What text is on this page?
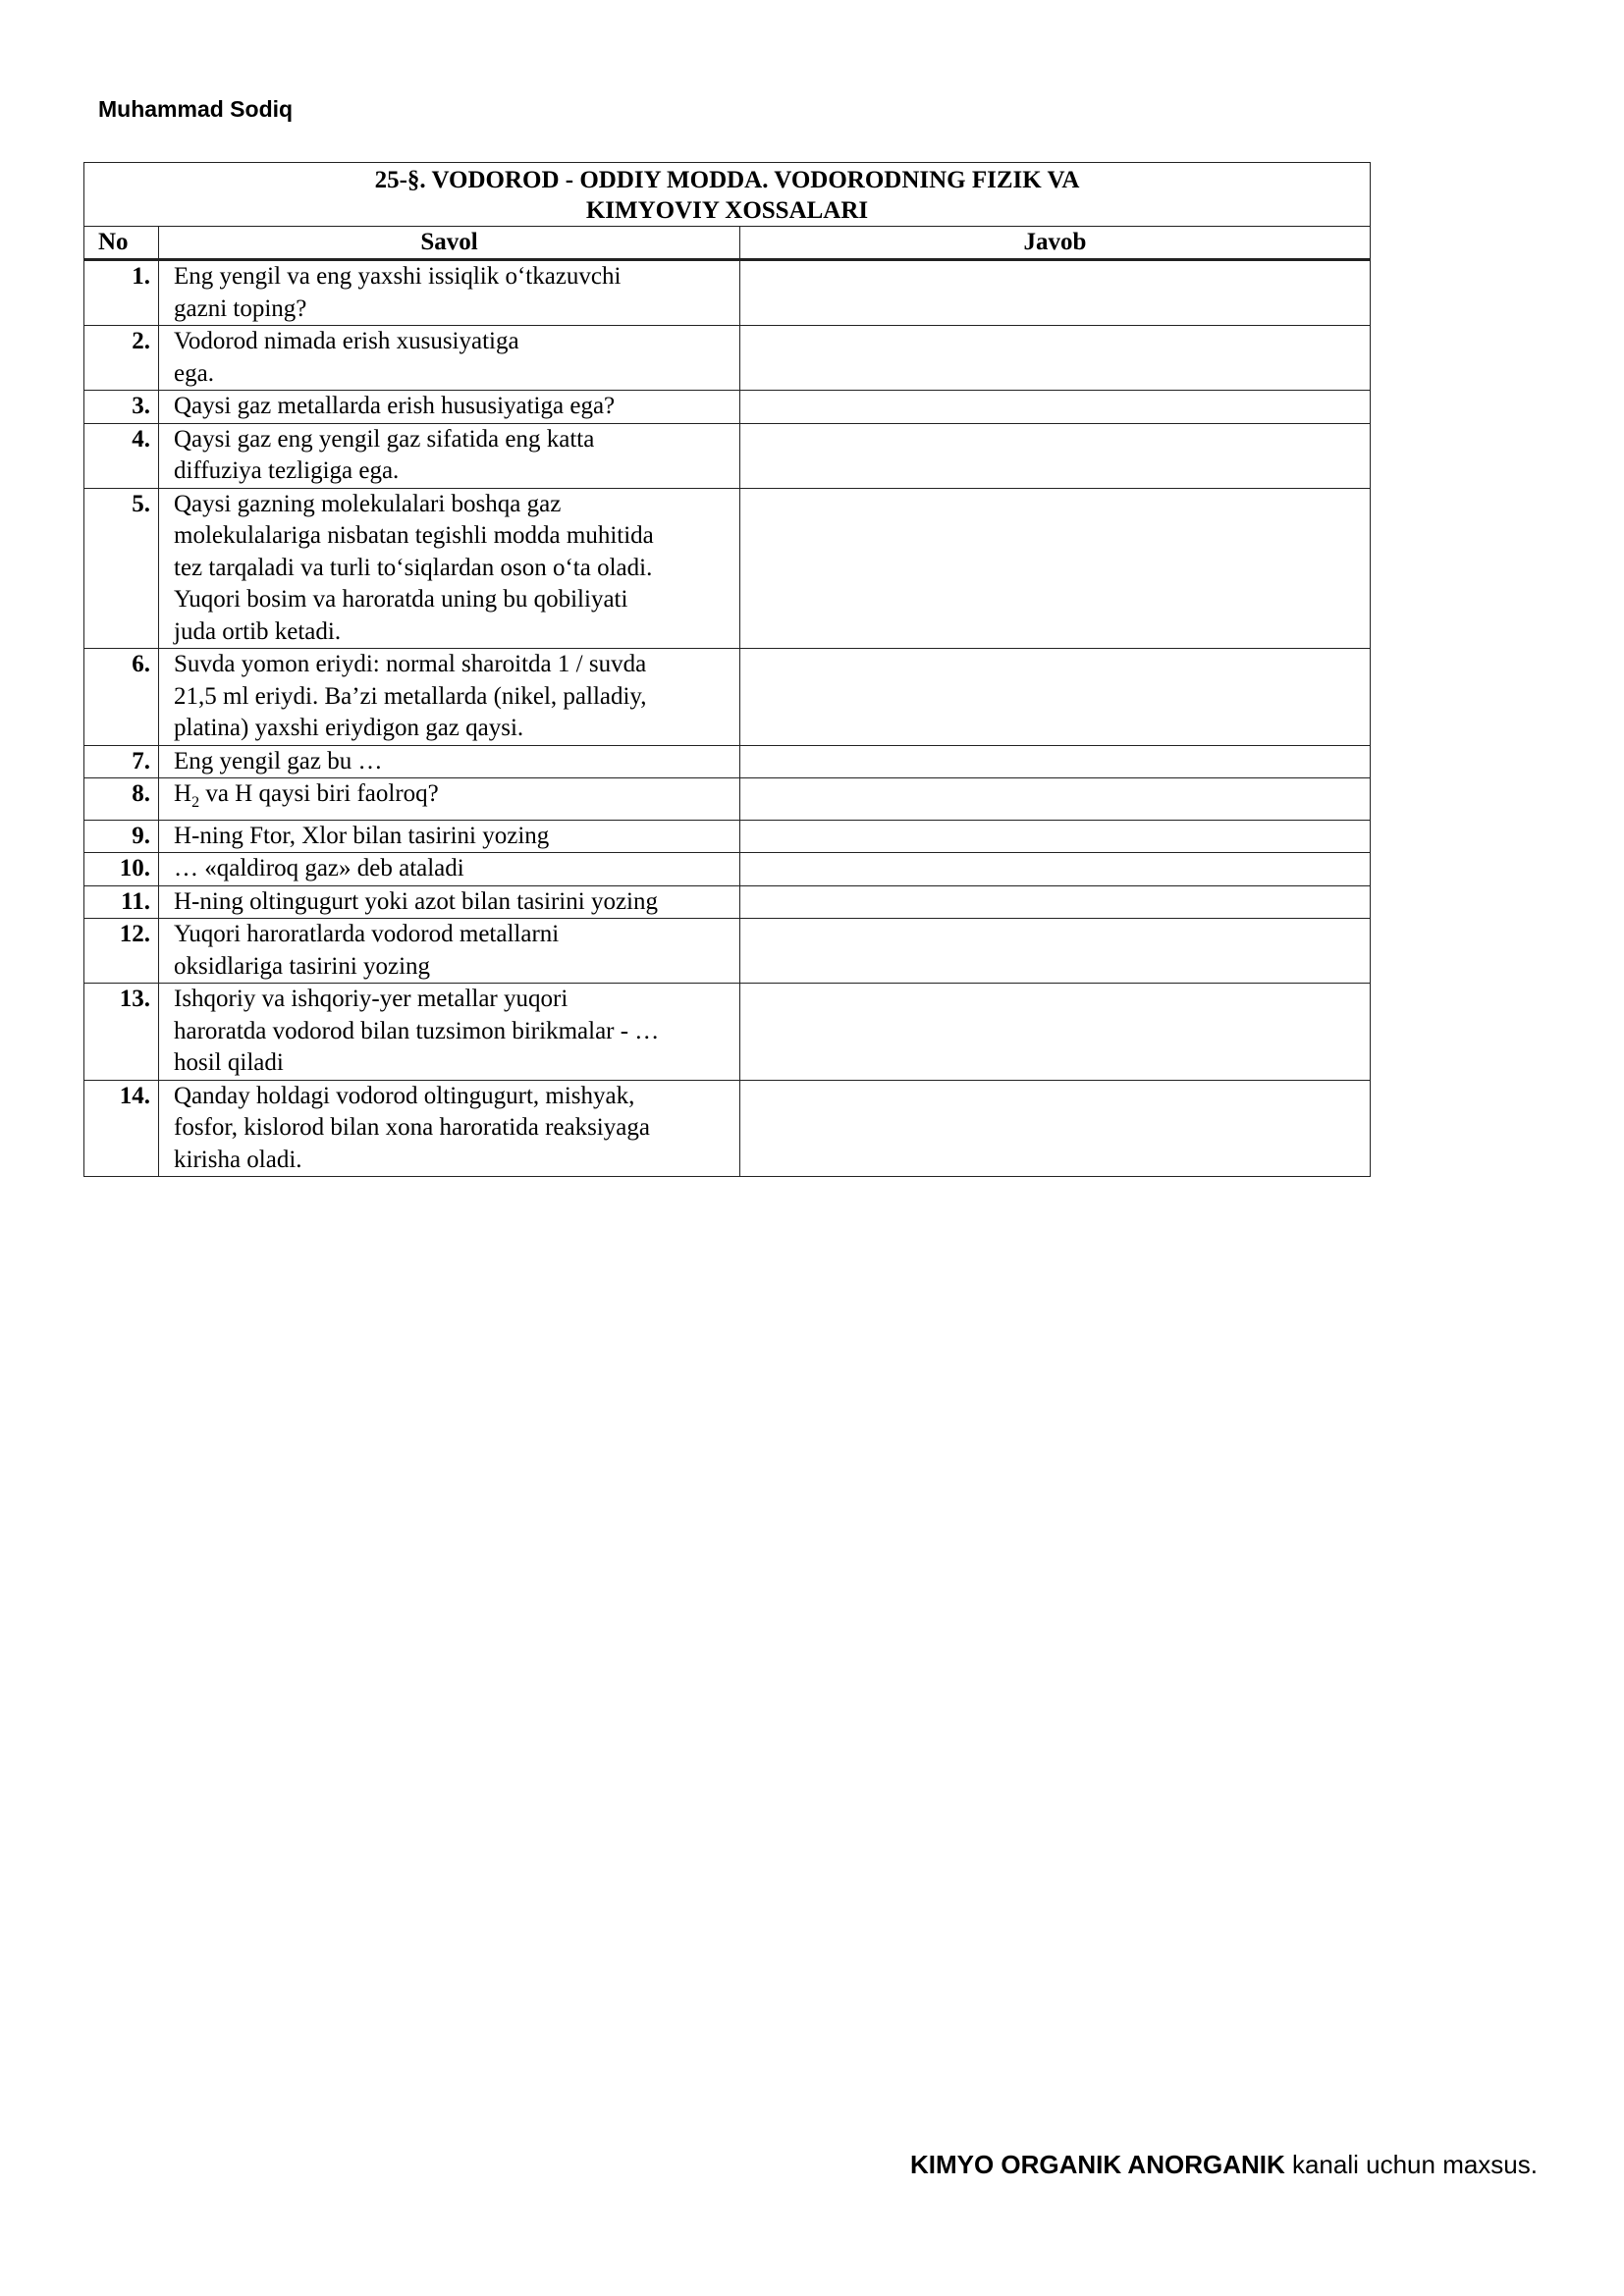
Muhammad Sodiq
25-§. VODOROD - ODDIY MODDA. VODORODNING FIZIK VA
KIMYOVIY XOSSALARI		

No	Savol	Javob
1.	Eng yengil va eng yaxshi issiqlik o‘tkazuvchi
gazni toping?	

2.	Vodorod nimada erish xususiyatiga
ega.	

3.	Qaysi gaz metallarda erish hususiyatiga ega?	

4.	Qaysi gaz eng yengil gaz sifatida eng katta
diffuziya tezligiga ega.	

5.	Qaysi gazning molekulalari boshqa gaz
molekulalariga nisbatan tegishli modda muhitida
tez tarqaladi va turli to‘siqlardan oson o‘ta oladi.
Yuqori bosim va haroratda uning bu qobiliyati
juda ortib ketadi.	

6.	Suvda yomon eriydi: normal sharoitda 1 / suvda
21,5 ml eriydi. Ba’zi metallarda (nikel, palladiy,
platina) yaxshi eriydigon gaz qaysi.	

7.	Eng yengil gaz bu …	

8.	$H_2$ va H qaysi biri faolroq?	

9.	H-ning Ftor, Xlor bilan tasirini yozing	

10.	… «qaldiroq gaz» deb ataladi	

11.	H-ning oltingugurt yoki azot bilan tasirini yozing	

12.	Yuqori haroratlarda vodorod metallarni
oksidlariga tasirini yozing	

13.	Ishqoriy va ishqoriy-yer metallar yuqori
haroratda vodorod bilan tuzsimon birikmalar - …
hosil qiladi	

14.	Qanday holdagi vodorod oltingugurt, mishyak,
fosfor, kislorod bilan xona haroratida reaksiyaga
kirisha oladi.	

KIMYO ORGANIK ANORGANIK kanali uchun maxsus.
